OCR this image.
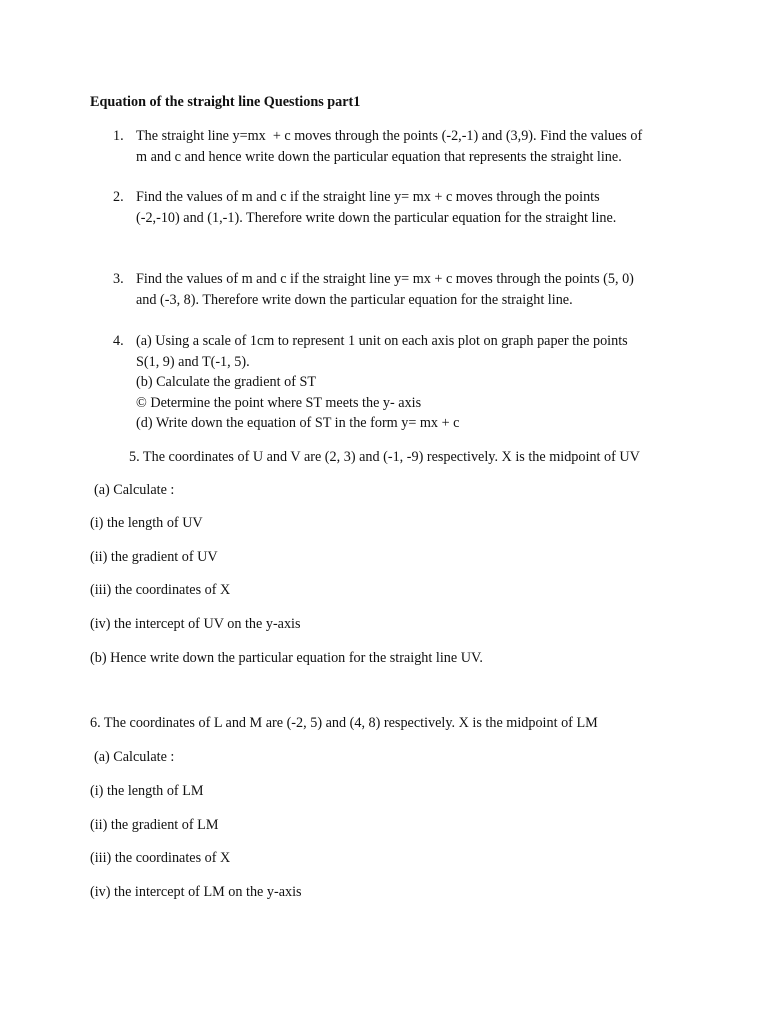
Equation of the straight line Questions part1
1. The straight line y=mx  + c moves through the points (-2,-1) and (3,9). Find the values of
m and c and hence write down the particular equation that represents the straight line.
2. Find the values of m and c if the straight line y= mx + c moves through the points
(-2,-10) and (1,-1). Therefore write down the particular equation for the straight line.
3. Find the values of m and c if the straight line y= mx + c moves through the points (5, 0)
and (-3, 8). Therefore write down the particular equation for the straight line.
4. (a) Using a scale of 1cm to represent 1 unit on each axis plot on graph paper the points
S(1, 9) and T(-1, 5).
(b) Calculate the gradient of ST
© Determine the point where ST meets the y- axis
(d) Write down the equation of ST in the form y= mx + c
5. The coordinates of U and V are (2, 3) and (-1, -9) respectively. X is the midpoint of UV
(a) Calculate :
(i) the length of UV
(ii) the gradient of UV
(iii) the coordinates of X
(iv) the intercept of UV on the y-axis
(b) Hence write down the particular equation for the straight line UV.
6. The coordinates of L and M are (-2, 5) and (4, 8) respectively. X is the midpoint of LM
(a) Calculate :
(i) the length of LM
(ii) the gradient of LM
(iii) the coordinates of X
(iv) the intercept of LM on the y-axis
